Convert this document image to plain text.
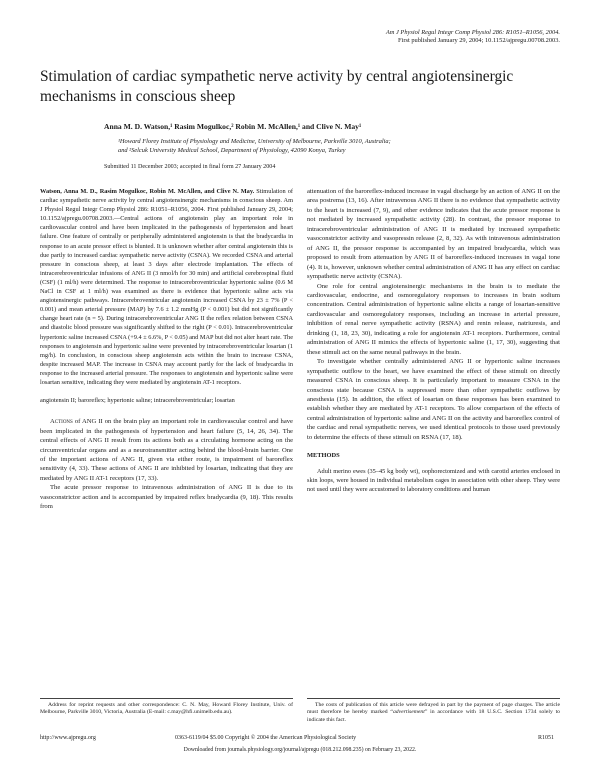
Am J Physiol Regul Integr Comp Physiol 286: R1051–R1056, 2004.
First published January 29, 2004; 10.1152/ajpregu.00708.2003.
Stimulation of cardiac sympathetic nerve activity by central angiotensinergic mechanisms in conscious sheep
Anna M. D. Watson,¹ Rasim Mogulkoc,² Robin M. McAllen,¹ and Clive N. May¹
¹Howard Florey Institute of Physiology and Medicine, University of Melbourne, Parkville 3010, Australia;
and ²Selcuk University Medical School, Department of Physiology, 42090 Konya, Turkey
Submitted 11 December 2003; accepted in final form 27 January 2004
Watson, Anna M. D., Rasim Mogulkoc, Robin M. McAllen, and Clive N. May. Stimulation of cardiac sympathetic nerve activity by central angiotensinergic mechanisms in conscious sheep. Am J Physiol Regul Integr Comp Physiol 286: R1051–R1056, 2004. First published January 29, 2004; 10.1152/ajpregu.00708.2003.—Central actions of angiotensin play an important role in cardiovascular control and have been implicated in the pathogenesis of hypertension and heart failure. One feature of centrally or peripherally administered angiotensin is that the bradycardia in response to an acute pressor effect is blunted. It is unknown whether after central angiotensin this is due partly to increased cardiac sympathetic nerve activity (CSNA). We recorded CSNA and arterial pressure in conscious sheep, at least 3 days after electrode implantation. The effects of intracerebroventricular infusions of ANG II (3 nmol/h for 30 min) and artificial cerebrospinal fluid (CSF) (1 ml/h) were determined. The response to intracerebroventricular hypertonic saline (0.6 M NaCl in CSF at 1 ml/h) was examined as there is evidence that hypertonic saline acts via angiotensinergic pathways. Intracerebroventricular angiotensin increased CSNA by 23 ± 7% (P < 0.001) and mean arterial pressure (MAP) by 7.6 ± 1.2 mmHg (P < 0.001) but did not significantly change heart rate (n = 5). During intracerebroventricular ANG II the reflex relation between CSNA and diastolic blood pressure was significantly shifted to the right (P < 0.01). Intracerebroventricular hypertonic saline increased CSNA (+9.4 ± 6.6%, P < 0.05) and MAP but did not alter heart rate. The responses to angiotensin and hypertonic saline were prevented by intracerebroventricular losartan (1 mg/h). In conclusion, in conscious sheep angiotensin acts within the brain to increase CSNA, despite increased MAP. The increase in CSNA may account partly for the lack of bradycardia in response to the increased arterial pressure. The responses to angiotensin and hypertonic saline were losartan sensitive, indicating they were mediated by angiotensin AT-1 receptors.
angiotensin II; baroreflex; hypertonic saline; intracerebroventricular; losartan

Actions of ANG II on the brain play an important role in cardiovascular control and have been implicated in the pathogenesis of hypertension and heart failure (5, 14, 26, 34). The central effects of ANG II result from its actions both as a circulating hormone acting on the circumventricular organs and as a neurotransmitter acting behind the blood-brain barrier. One of the important actions of ANG II, given via either route, is impairment of baroreflex sensitivity (4, 33). These actions of ANG II are inhibited by losartan, indicating that they are mediated by ANG II AT-1 receptors (17, 33).

The acute pressor response to intravenous administration of ANG II is due to its vasoconstrictor action and is accompanied by impaired reflex bradycardia (9, 18). This results from

attenuation of the baroreflex-induced increase in vagal discharge by an action of ANG II on the area postrema (13, 16). After intravenous ANG II there is no evidence that sympathetic activity to the heart is increased (7, 9), and other evidence indicates that the acute pressor response is not mediated by increased sympathetic activity (28). In contrast, the pressor response to intracerebroventricular administration of ANG II is mediated by increased sympathetic vasoconstrictor activity and vasopressin release (2, 8, 32). As with intravenous administration of ANG II, the pressor response is accompanied by an impaired bradycardia, which was proposed to result from attenuation by ANG II of baroreflex-induced increases in vagal tone (4). It is, however, unknown whether central administration of ANG II has any effect on cardiac sympathetic nerve activity (CSNA).

One role for central angiotensinergic mechanisms in the brain is to mediate the cardiovascular, endocrine, and osmoregulatory responses to increases in brain sodium concentration. Central administration of hypertonic saline elicits a range of losartan-sensitive cardiovascular and osmoregulatory responses, including an increase in arterial pressure, inhibition of renal nerve sympathetic activity (RSNA) and renin release, natriuresis, and drinking (1, 18, 23, 30), indicating a role for angiotensin AT-1 receptors. Furthermore, central administration of ANG II mimics the effects of hypertonic saline (1, 17, 30), suggesting that these stimuli act on the same neural pathways in the brain.

To investigate whether centrally administered ANG II or hypertonic saline increases sympathetic outflow to the heart, we have examined the effect of these stimuli on directly measured CSNA in conscious sheep. It is particularly important to measure CSNA in the conscious state because CSNA is suppressed more than other sympathetic outflows by anesthesia (15). In addition, the effect of losartan on these responses has been examined to establish whether they are mediated by AT-1 receptors. To allow comparison of the effects of central administration of hypertonic saline and ANG II on the activity and baroreflex control of the cardiac and renal sympathetic nerves, we used identical protocols to those used previously to determine the effects of these stimuli on RSNA (17, 18).

METHODS

Adult merino ewes (35–45 kg body wt), oophorectomized and with carotid arteries enclosed in skin loops, were housed in individual metabolism cages in association with other sheep. They were not used until they were accustomed to laboratory conditions and human

Address for reprint requests and other correspondence: C. N. May, Howard Florey Institute, Univ. of Melbourne, Parkville 3010, Victoria, Australia (E-mail: c.may@hfi.unimelb.edu.au).

The costs of publication of this article were defrayed in part by the payment of page charges. The article must therefore be hereby marked “advertisement” in accordance with 18 U.S.C. Section 1734 solely to indicate this fact.

http://www.ajpregu.org	0363-6119/04 $5.00 Copyright © 2004 the American Physiological Society	R1051
Downloaded from journals.physiology.org/journal/ajpregu (018.212.098.235) on February 23, 2022.
